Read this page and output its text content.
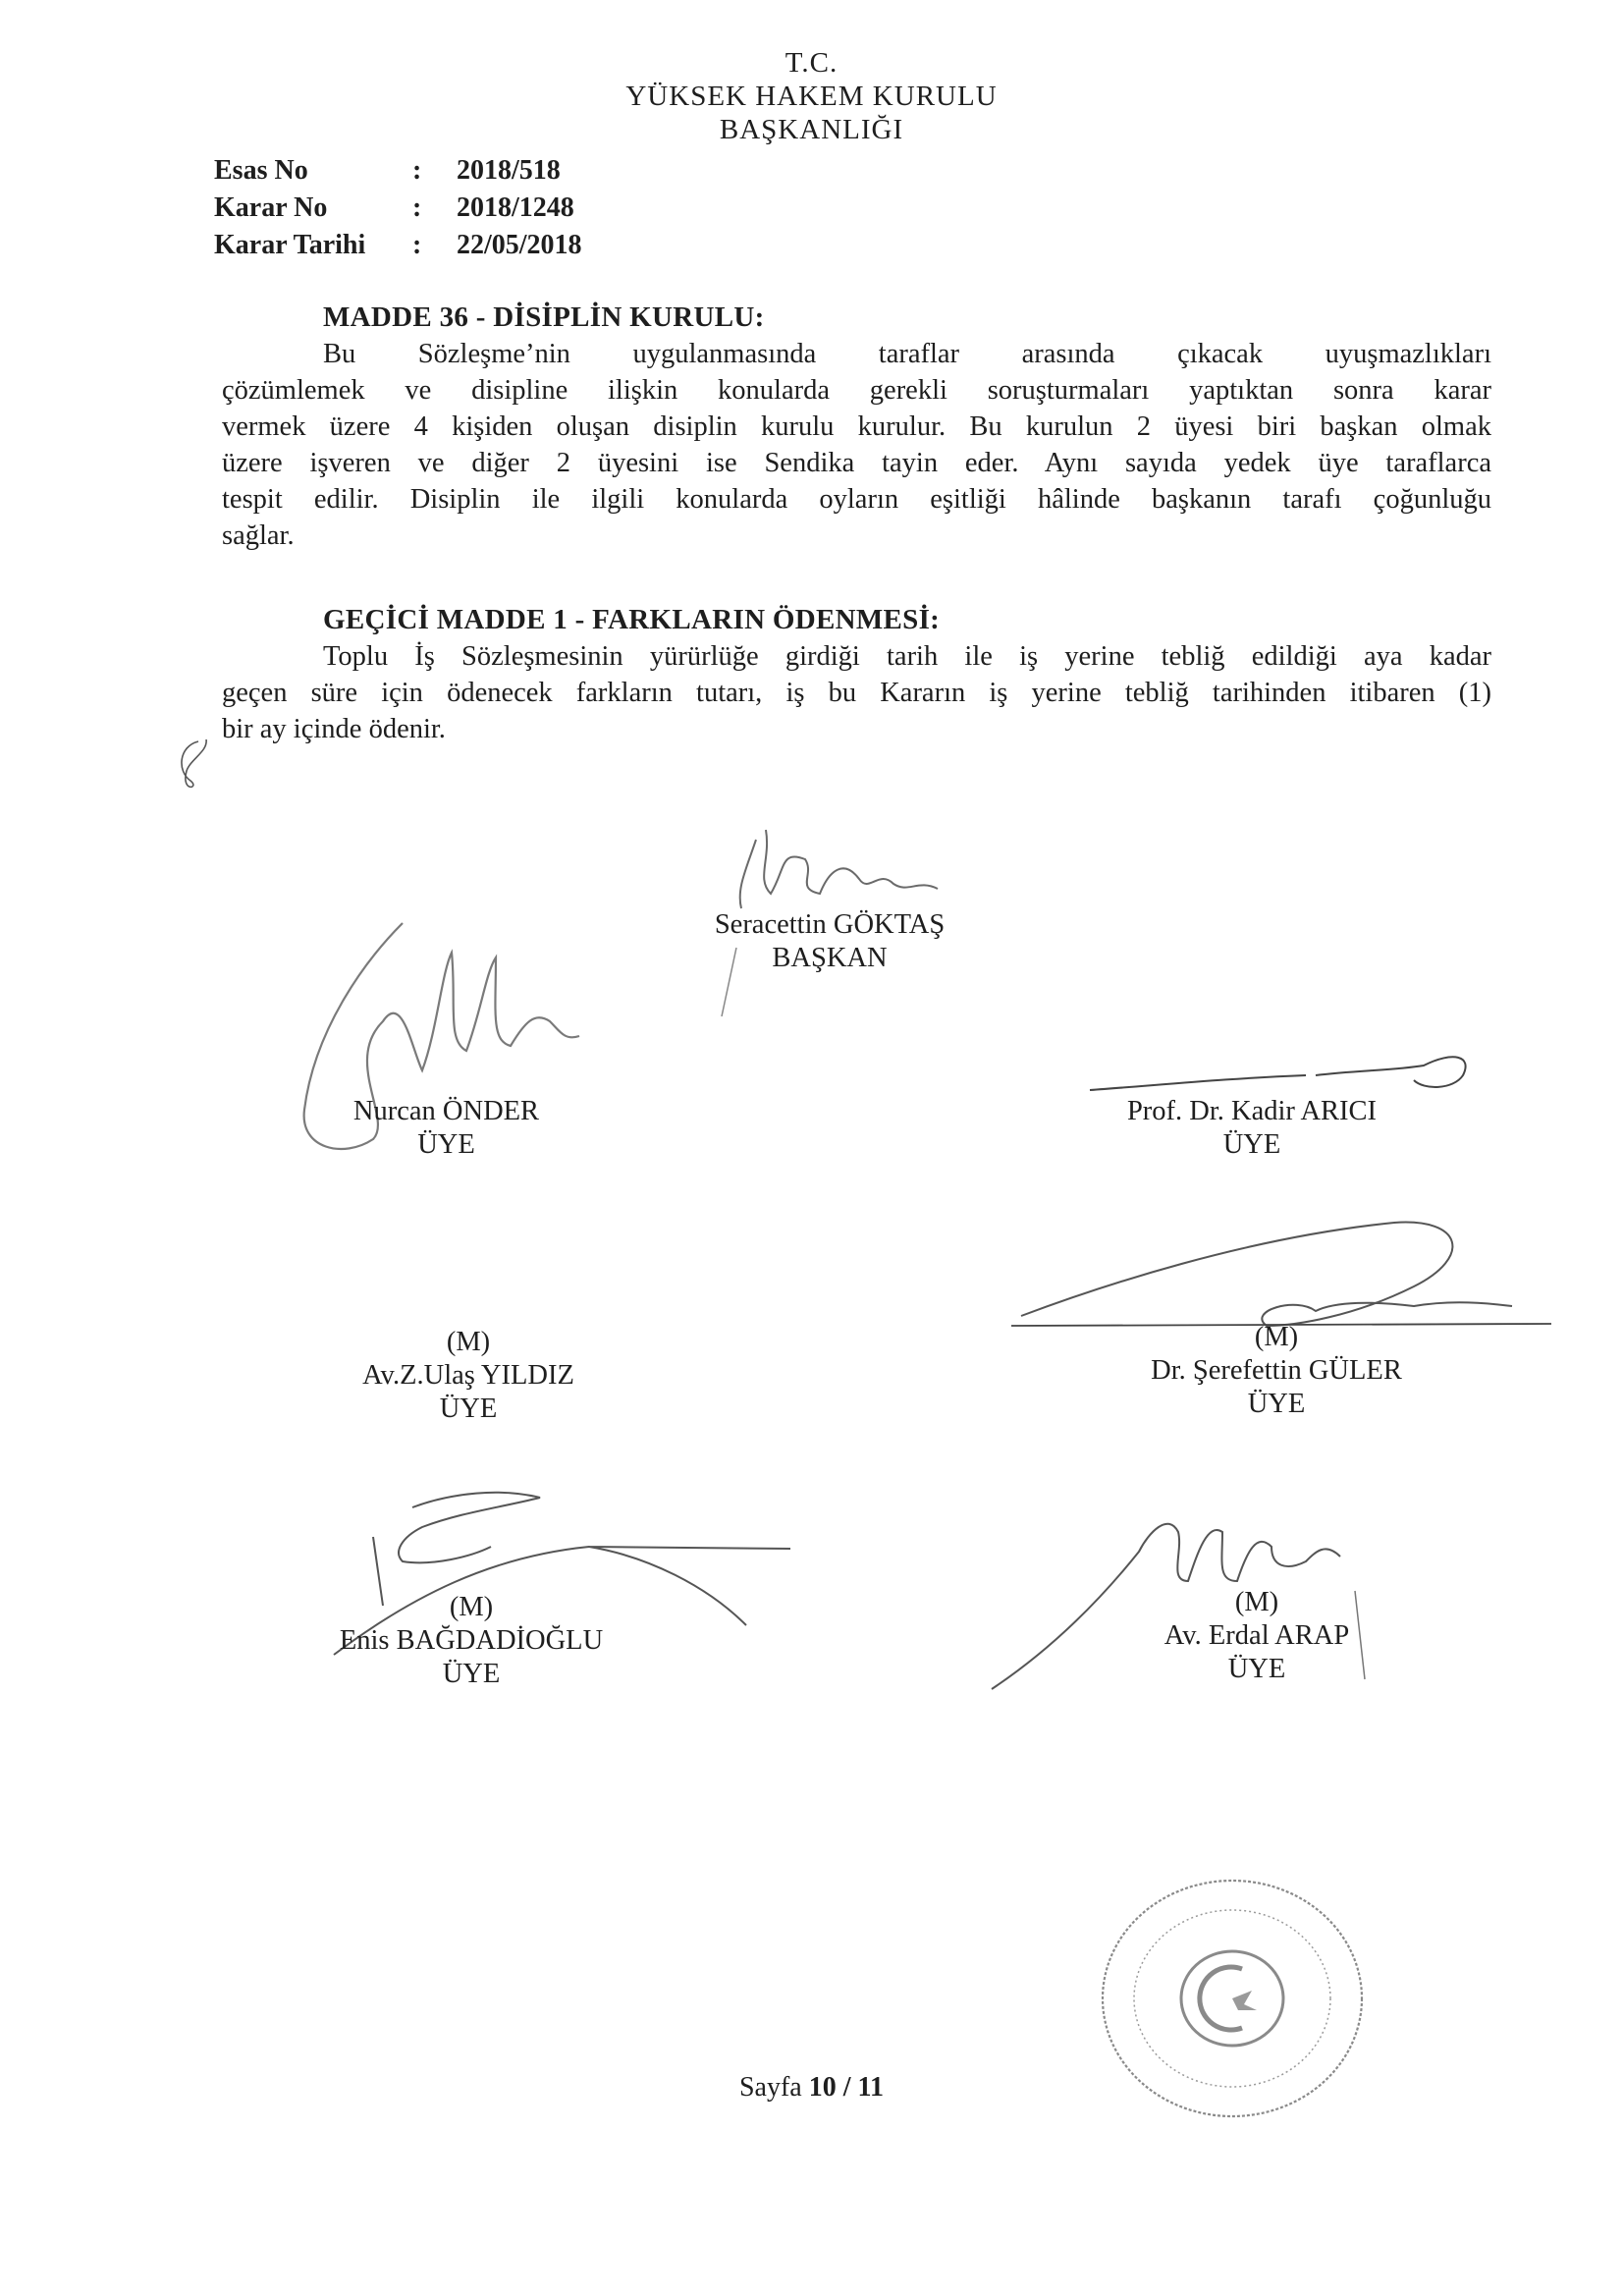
T.C.
YÜKSEK HAKEM KURULU
BAŞKANLIĞI
Esas No	:	2018/518
Karar No	:	2018/1248
Karar Tarihi	:	22/05/2018
MADDE 36 - DİSİPLİN KURULU:
Bu Sözleşme’nin uygulanmasında taraflar arasında çıkacak uyuşmazlıkları
çözümlemek ve disipline ilişkin konularda gerekli soruşturmaları yaptıktan sonra karar
vermek üzere 4 kişiden oluşan disiplin kurulu kurulur. Bu kurulun 2 üyesi biri başkan olmak
üzere işveren ve diğer 2 üyesini ise Sendika tayin eder. Aynı sayıda yedek üye taraflarca
tespit edilir. Disiplin ile ilgili konularda oyların eşitliği hâlinde başkanın tarafı çoğunluğu
sağlar.
GEÇİCİ MADDE 1 - FARKLARIN ÖDENMESİ:
Toplu İş Sözleşmesinin yürürlüğe girdiği tarih ile iş yerine tebliğ edildiği aya kadar
geçen süre için ödenecek farkların tutarı, iş bu Kararın iş yerine tebliğ tarihinden itibaren (1)
bir ay içinde ödenir.
Seracettin GÖKTAŞ
BAŞKAN
Nurcan ÖNDER
ÜYE
Prof. Dr. Kadir ARICI
ÜYE
(M)
Av.Z.Ulaş YILDIZ
ÜYE
(M)
Dr. Şerefettin GÜLER
ÜYE
(M)
Enis BAĞDADİOĞLU
ÜYE
(M)
Av. Erdal ARAP
ÜYE
Sayfa 10 / 11
